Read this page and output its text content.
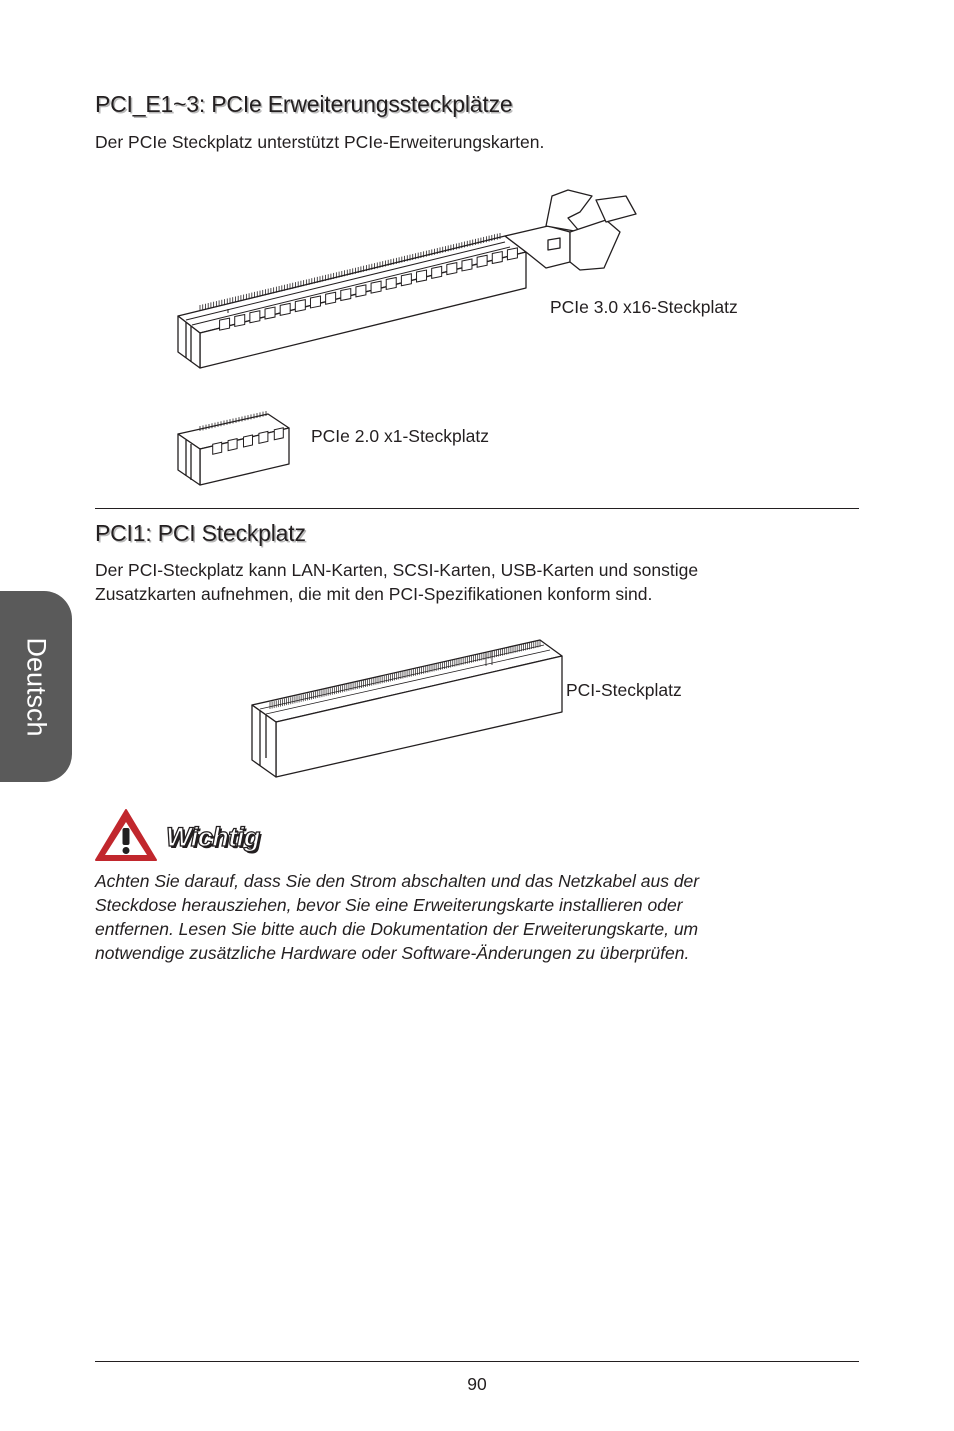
PCI_E1~3: PCIe Erweiterungssteckplätze
Der PCIe Steckplatz unterstützt PCIe-Erweiterungskarten.
PCIe 3.0 x16-Steckplatz
PCIe 2.0 x1-Steckplatz
PCI1: PCI Steckplatz
Der PCI-Steckplatz kann LAN-Karten, SCSI-Karten, USB-Karten und sonstige
Zusatzkarten aufnehmen, die mit den PCI-Spezifikationen konform sind.
PCI-Steckplatz
Deutsch
Wichtig
Achten Sie darauf, dass Sie den Strom abschalten und das Netzkabel aus der
Steckdose herausziehen, bevor Sie eine Erweiterungskarte installieren oder
entfernen. Lesen Sie bitte auch die Dokumentation der Erweiterungskarte, um
notwendige zusätzliche Hardware oder Software-Änderungen zu überprüfen.
90
